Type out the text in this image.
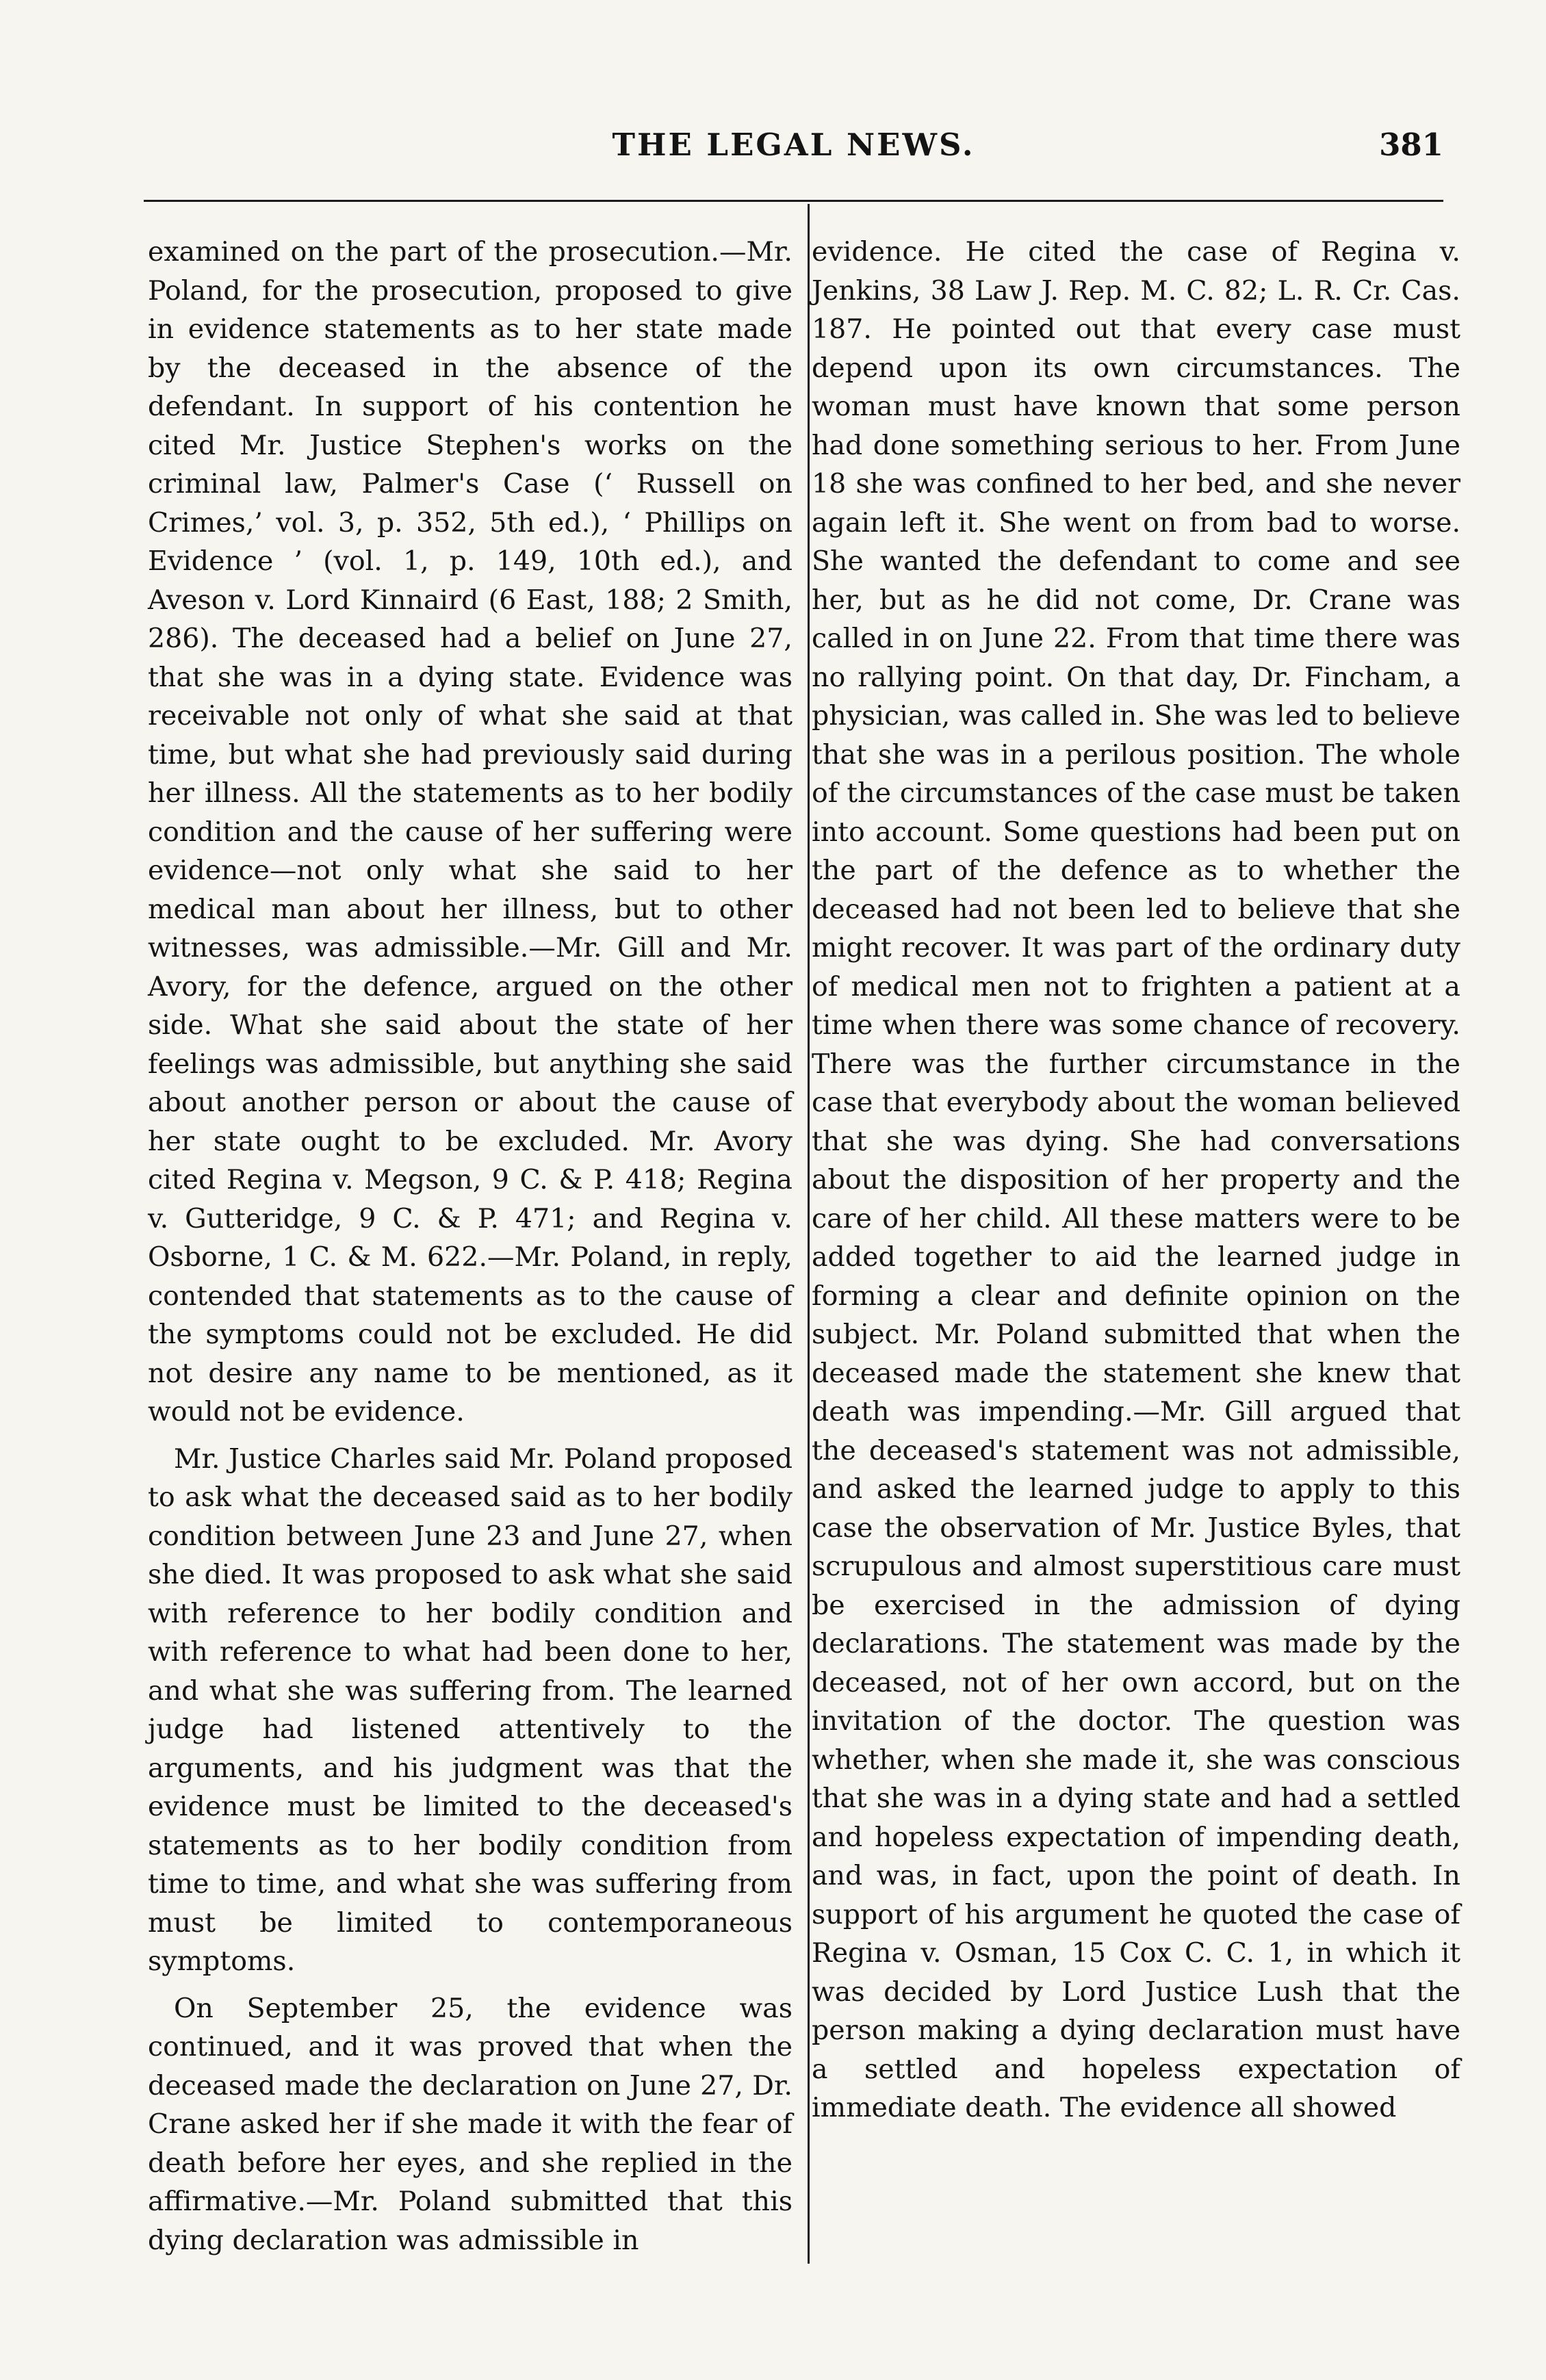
THE LEGAL NEWS.	381

examined on the part of the prosecution.—Mr. Poland, for the prosecution, proposed to give in evidence statements as to her state made by the deceased in the absence of the defendant. In support of his contention he cited Mr. Justice Stephen's works on the criminal law, Palmer's Case (‘ Russell on Crimes,’ vol. 3, p. 352, 5th ed.), ‘ Phillips on Evidence ’ (vol. 1, p. 149, 10th ed.), and Aveson v. Lord Kinnaird (6 East, 188; 2 Smith, 286). The deceased had a belief on June 27, that she was in a dying state. Evidence was receivable not only of what she said at that time, but what she had previously said during her illness. All the statements as to her bodily condition and the cause of her suffering were evidence—not only what she said to her medical man about her illness, but to other witnesses, was admissible.—Mr. Gill and Mr. Avory, for the defence, argued on the other side. What she said about the state of her feelings was admissible, but anything she said about another person or about the cause of her state ought to be excluded. Mr. Avory cited Regina v. Megson, 9 C. & P. 418; Regina v. Gutteridge, 9 C. & P. 471; and Regina v. Osborne, 1 C. & M. 622.—Mr. Poland, in reply, contended that statements as to the cause of the symptoms could not be excluded. He did not desire any name to be mentioned, as it would not be evidence.

Mr. Justice Charles said Mr. Poland proposed to ask what the deceased said as to her bodily condition between June 23 and June 27, when she died. It was proposed to ask what she said with reference to her bodily condition and with reference to what had been done to her, and what she was suffering from. The learned judge had listened attentively to the arguments, and his judgment was that the evidence must be limited to the deceased's statements as to her bodily condition from time to time, and what she was suffering from must be limited to contemporaneous symptoms.

On September 25, the evidence was continued, and it was proved that when the deceased made the declaration on June 27, Dr. Crane asked her if she made it with the fear of death before her eyes, and she replied in the affirmative.—Mr. Poland submitted that this dying declaration was admissible in

evidence. He cited the case of Regina v. Jenkins, 38 Law J. Rep. M. C. 82; L. R. Cr. Cas. 187. He pointed out that every case must depend upon its own circumstances. The woman must have known that some person had done something serious to her. From June 18 she was confined to her bed, and she never again left it. She went on from bad to worse. She wanted the defendant to come and see her, but as he did not come, Dr. Crane was called in on June 22. From that time there was no rallying point. On that day, Dr. Fincham, a physician, was called in. She was led to believe that she was in a perilous position. The whole of the circumstances of the case must be taken into account. Some questions had been put on the part of the defence as to whether the deceased had not been led to believe that she might recover. It was part of the ordinary duty of medical men not to frighten a patient at a time when there was some chance of recovery. There was the further circumstance in the case that everybody about the woman believed that she was dying. She had conversations about the disposition of her property and the care of her child. All these matters were to be added together to aid the learned judge in forming a clear and definite opinion on the subject. Mr. Poland submitted that when the deceased made the statement she knew that death was impending.—Mr. Gill argued that the deceased's statement was not admissible, and asked the learned judge to apply to this case the observation of Mr. Justice Byles, that scrupulous and almost superstitious care must be exercised in the admission of dying declarations. The statement was made by the deceased, not of her own accord, but on the invitation of the doctor. The question was whether, when she made it, she was conscious that she was in a dying state and had a settled and hopeless expectation of impending death, and was, in fact, upon the point of death. In support of his argument he quoted the case of Regina v. Osman, 15 Cox C. C. 1, in which it was decided by Lord Justice Lush that the person making a dying declaration must have a settled and hopeless expectation of immediate death. The evidence all showed
